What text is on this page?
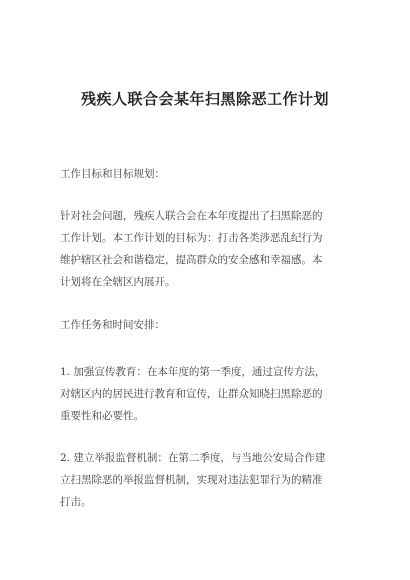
残疾人联合会某年扫黑除恶工作计划
工作目标和目标规划：
针对社会问题，残疾人联合会在本年度提出了扫黑除恶的
工作计划。本工作计划的目标为：打击各类涉恶乱纪行为
维护辖区社会和谐稳定，提高群众的安全感和幸福感。本
计划将在全辖区内展开。
工作任务和时间安排：
1. 加强宣传教育：在本年度的第一季度，通过宣传方法，
对辖区内的居民进行教育和宣传，让群众知晓扫黑除恶的
重要性和必要性。
2. 建立举报监督机制：在第二季度，与当地公安局合作建
立扫黑除恶的举报监督机制，实现对违法犯罪行为的精准
打击。
